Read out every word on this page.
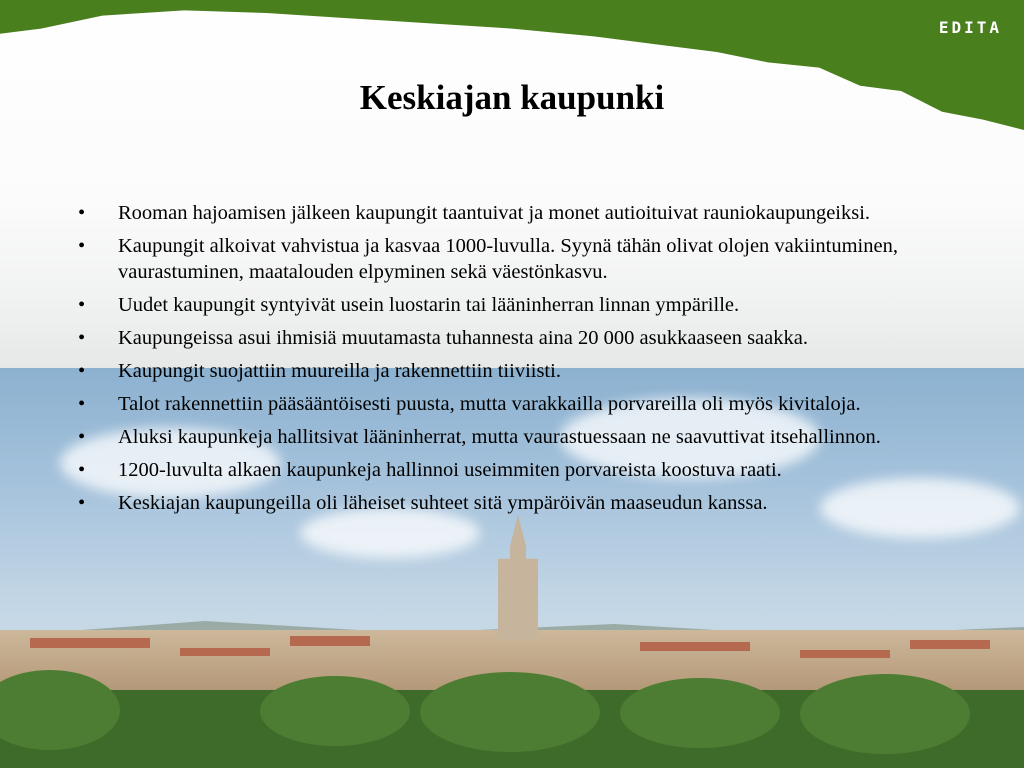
EDITA
Keskiajan kaupunki
• Rooman hajoamisen jälkeen kaupungit taantuivat ja monet autioituivat rauniokaupungeiksi.
• Kaupungit alkoivat vahvistua ja kasvaa 1000-luvulla. Syynä tähän olivat olojen vakiintuminen, vaurastuminen, maatalouden elpyminen sekä väestönkasvu.
• Uudet kaupungit syntyivät usein luostarin tai lääninherran linnan ympärille.
• Kaupungeissa asui ihmisiä muutamasta tuhannesta aina 20 000 asukkaaseen saakka.
• Kaupungit suojattiin muureilla ja rakennettiin tiiviisti.
• Talot rakennettiin pääsääntöisesti puusta, mutta varakkailla porvareilla oli myös kivitaloja.
• Aluksi kaupunkeja hallitsivat lääninherrat, mutta vaurastuessaan ne saavuttivat itsehallinnon.
• 1200-luvulta alkaen kaupunkeja hallinnoi useimmiten porvareista koostuva raati.
• Keskiajan kaupungeilla oli läheiset suhteet sitä ympäröivän maaseudun kanssa.
